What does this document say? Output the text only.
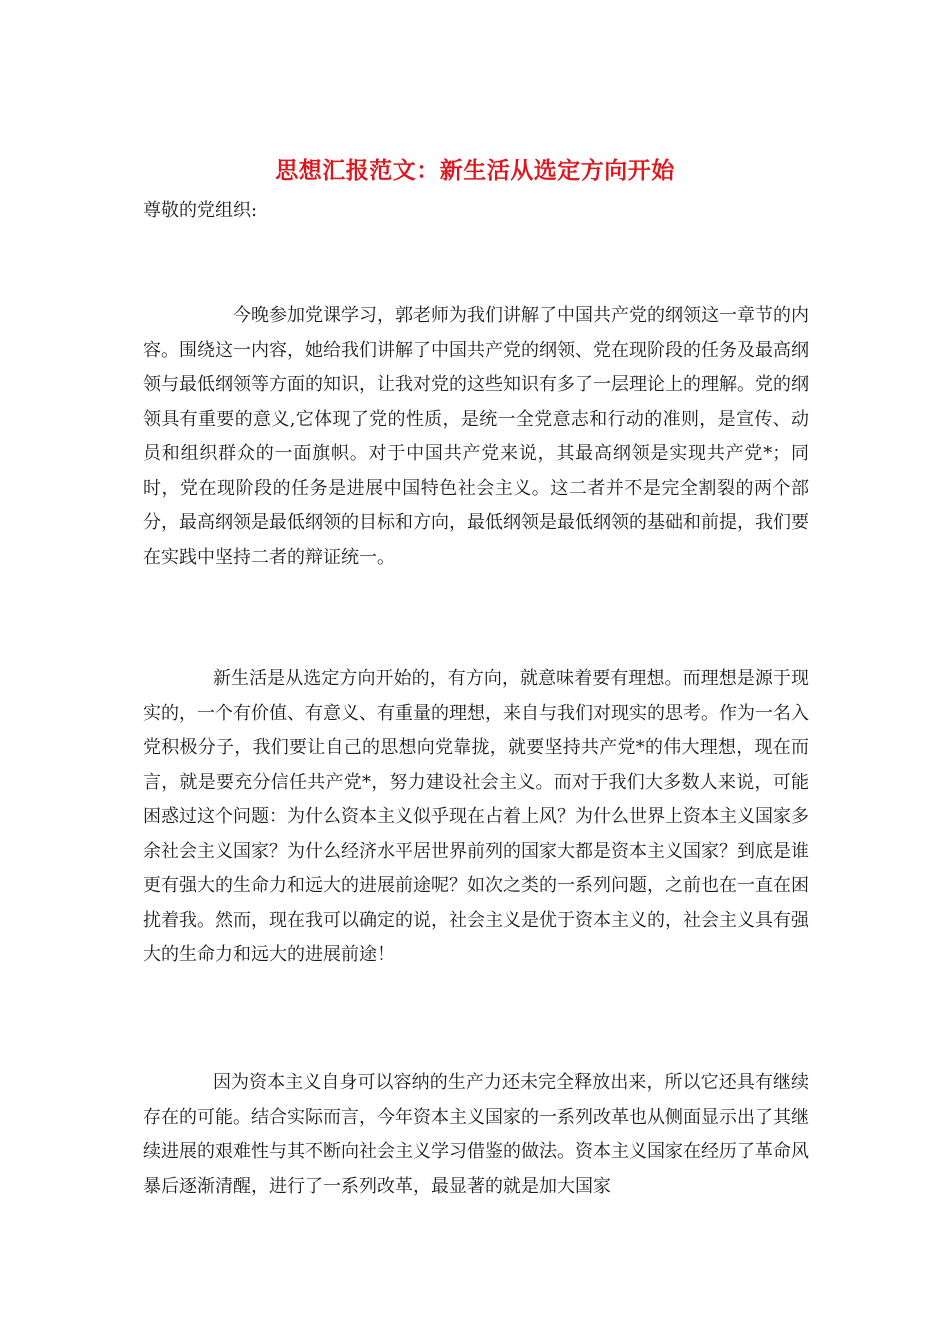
思想汇报范文：新生活从选定方向开始

尊敬的党组织:

今晚参加党课学习，郭老师为我们讲解了中国共产党的纲领这一章节的内容。围绕这一内容，她给我们讲解了中国共产党的纲领、党在现阶段的任务及最高纲领与最低纲领等方面的知识，让我对党的这些知识有多了一层理论上的理解。党的纲领具有重要的意义,它体现了党的性质，是统一全党意志和行动的准则，是宣传、动员和组织群众的一面旗帜。对于中国共产党来说，其最高纲领是实现共产党*；同时，党在现阶段的任务是进展中国特色社会主义。这二者并不是完全割裂的两个部分，最高纲领是最低纲领的目标和方向，最低纲领是最低纲领的基础和前提，我们要在实践中坚持二者的辩证统一。

新生活是从选定方向开始的，有方向，就意味着要有理想。而理想是源于现实的，一个有价值、有意义、有重量的理想，来自与我们对现实的思考。作为一名入党积极分子，我们要让自己的思想向党靠拢，就要坚持共产党*的伟大理想，现在而言，就是要充分信任共产党*，努力建设社会主义。而对于我们大多数人来说，可能困惑过这个问题：为什么资本主义似乎现在占着上风？为什么世界上资本主义国家多余社会主义国家？为什么经济水平居世界前列的国家大都是资本主义国家？到底是谁更有强大的生命力和远大的进展前途呢？如次之类的一系列问题，之前也在一直在困扰着我。然而，现在我可以确定的说，社会主义是优于资本主义的，社会主义具有强大的生命力和远大的进展前途！

因为资本主义自身可以容纳的生产力还未完全释放出来，所以它还具有继续存在的可能。结合实际而言，今年资本主义国家的一系列改革也从侧面显示出了其继续进展的艰难性与其不断向社会主义学习借鉴的做法。资本主义国家在经历了革命风暴后逐渐清醒，进行了一系列改革，最显著的就是加大国家
